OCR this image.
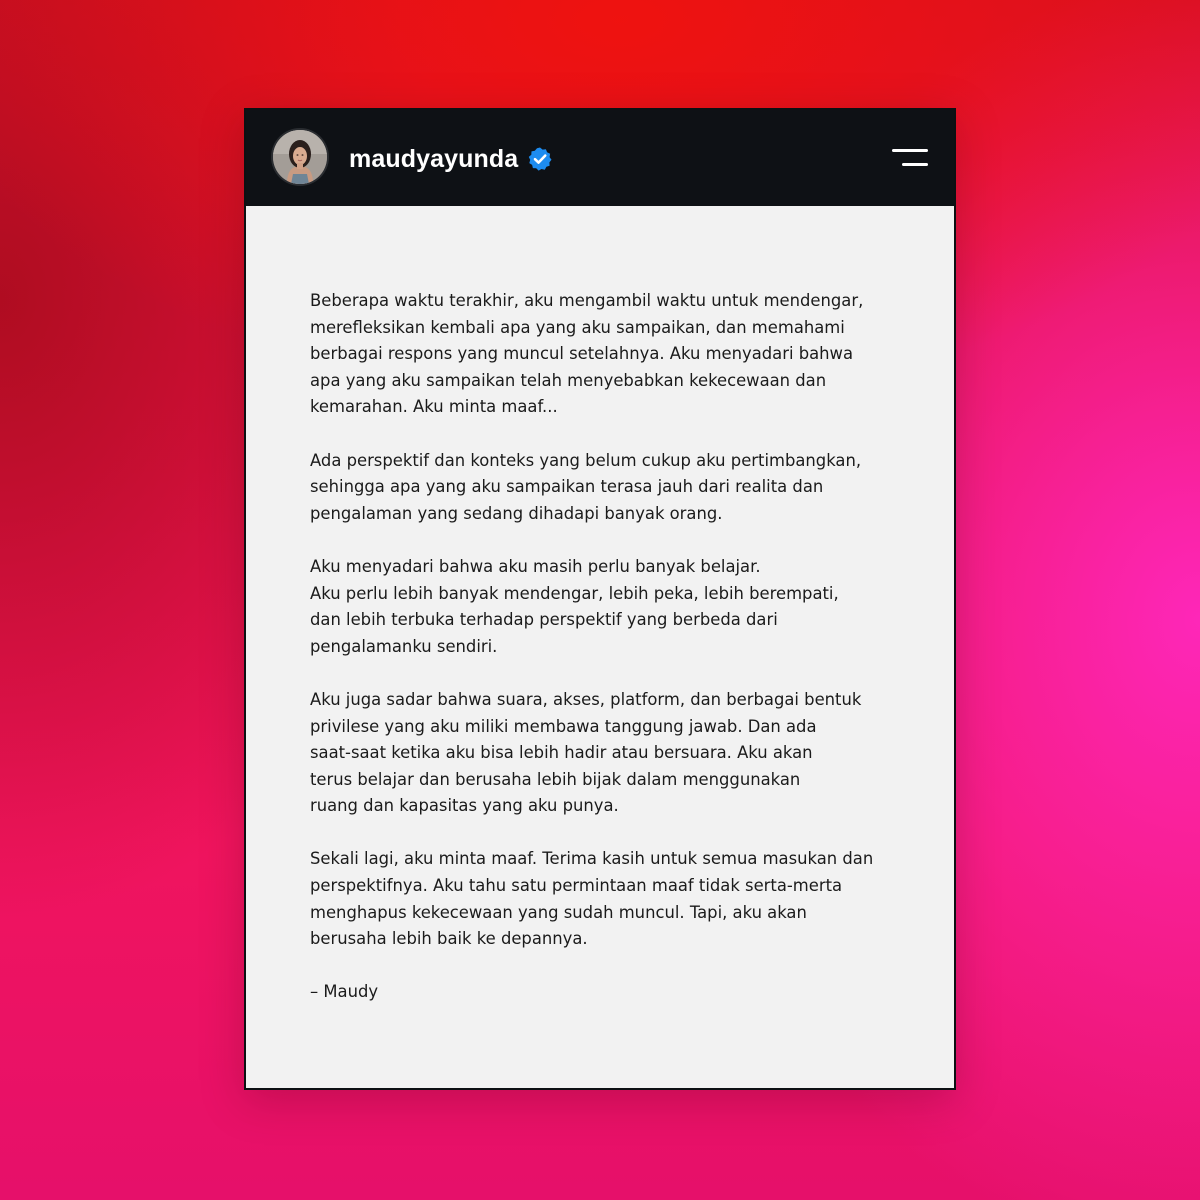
maudyayunda

Beberapa waktu terakhir, aku mengambil waktu untuk mendengar,
merefleksikan kembali apa yang aku sampaikan, dan memahami
berbagai respons yang muncul setelahnya. Aku menyadari bahwa
apa yang aku sampaikan telah menyebabkan kekecewaan dan
kemarahan. Aku minta maaf...

Ada perspektif dan konteks yang belum cukup aku pertimbangkan,
sehingga apa yang aku sampaikan terasa jauh dari realita dan
pengalaman yang sedang dihadapi banyak orang.

Aku menyadari bahwa aku masih perlu banyak belajar.
Aku perlu lebih banyak mendengar, lebih peka, lebih berempati,
dan lebih terbuka terhadap perspektif yang berbeda dari
pengalamanku sendiri.

Aku juga sadar bahwa suara, akses, platform, dan berbagai bentuk
privilese yang aku miliki membawa tanggung jawab. Dan ada
saat-saat ketika aku bisa lebih hadir atau bersuara. Aku akan
terus belajar dan berusaha lebih bijak dalam menggunakan
ruang dan kapasitas yang aku punya.

Sekali lagi, aku minta maaf. Terima kasih untuk semua masukan dan
perspektifnya. Aku tahu satu permintaan maaf tidak serta-merta
menghapus kekecewaan yang sudah muncul. Tapi, aku akan
berusaha lebih baik ke depannya.

– Maudy
